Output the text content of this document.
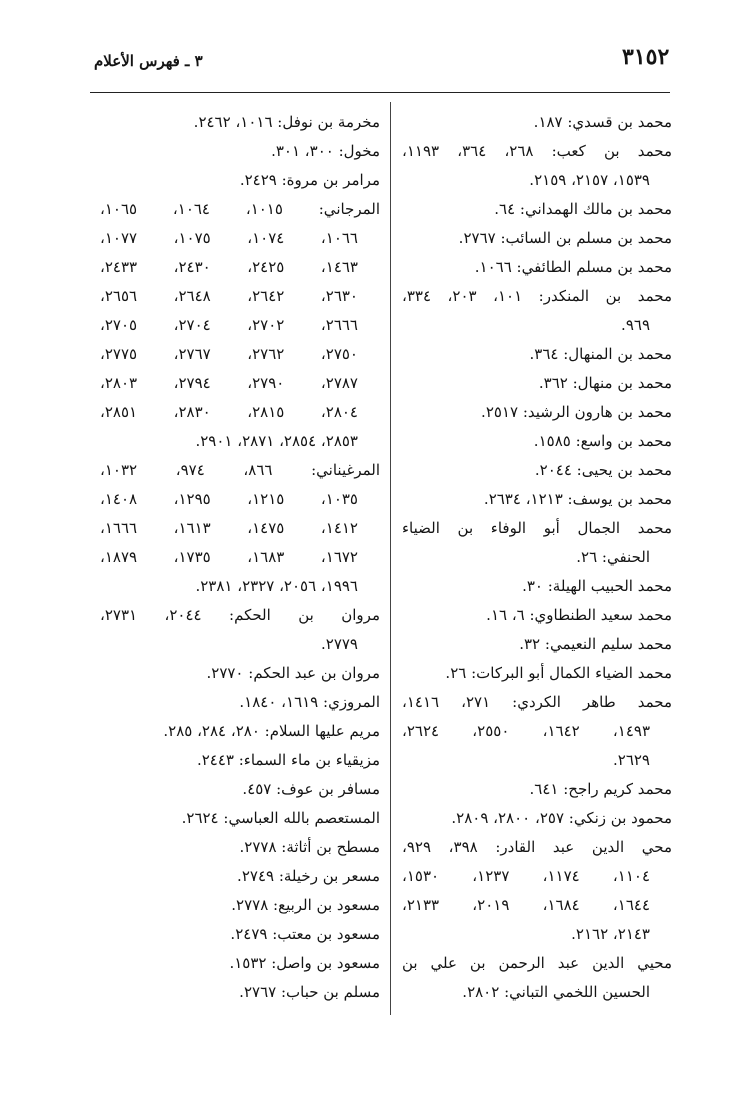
٣١٥٢
٣ ـ فهرس الأعلام
محمد بن قسدي: ١٨٧.
محمد بن كعب: ٢٦٨، ٣٦٤، ١١٩٣،
١٥٣٩، ٢١٥٧، ٢١٥٩.
محمد بن مالك الهمداني: ٦٤.
محمد بن مسلم بن السائب: ٢٧٦٧.
محمد بن مسلم الطائفي: ١٠٦٦.
محمد بن المنكدر: ١٠١، ٢٠٣، ٣٣٤،
٩٦٩.
محمد بن المنهال: ٣٦٤.
محمد بن منهال: ٣٦٢.
محمد بن هارون الرشيد: ٢٥١٧.
محمد بن واسع: ١٥٨٥.
محمد بن يحيى: ٢٠٤٤.
محمد بن يوسف: ١٢١٣، ٢٦٣٤.
محمد الجمال أبو الوفاء بن الضياء
الحنفي: ٢٦.
محمد الحبيب الهيلة: ٣٠.
محمد سعيد الطنطاوي: ٦، ١٦.
محمد سليم النعيمي: ٣٢.
محمد الضياء الكمال أبو البركات: ٢٦.
محمد طاهر الكردي: ٢٧١، ١٤١٦،
١٤٩٣، ١٦٤٢، ٢٥٥٠، ٢٦٢٤،
٢٦٢٩.
محمد كريم راجح: ٦٤١.
محمود بن زنكي: ٢٥٧، ٢٨٠٠، ٢٨٠٩.
محي الدين عبد القادر: ٣٩٨، ٩٢٩،
١١٠٤، ١١٧٤، ١٢٣٧، ١٥٣٠،
١٦٤٤، ١٦٨٤، ٢٠١٩، ٢١٣٣،
٢١٤٣، ٢١٦٢.
محيي الدين عبد الرحمن بن علي بن
الحسين اللخمي التباني: ٢٨٠٢.
مخرمة بن نوفل: ١٠١٦، ٢٤٦٢.
مخول: ٣٠٠، ٣٠١.
مرامر بن مروة: ٢٤٢٩.
المرجاني: ١٠١٥، ١٠٦٤، ١٠٦٥،
١٠٦٦، ١٠٧٤، ١٠٧٥، ١٠٧٧،
١٤٦٣، ٢٤٢٥، ٢٤٣٠، ٢٤٣٣،
٢٦٣٠، ٢٦٤٢، ٢٦٤٨، ٢٦٥٦،
٢٦٦٦، ٢٧٠٢، ٢٧٠٤، ٢٧٠٥،
٢٧٥٠، ٢٧٦٢، ٢٧٦٧، ٢٧٧٥،
٢٧٨٧، ٢٧٩٠، ٢٧٩٤، ٢٨٠٣،
٢٨٠٤، ٢٨١٥، ٢٨٣٠، ٢٨٥١،
٢٨٥٣، ٢٨٥٤، ٢٨٧١، ٢٩٠١.
المرغيناني: ٨٦٦، ٩٧٤، ١٠٣٢،
١٠٣٥، ١٢١٥، ١٢٩٥، ١٤٠٨،
١٤١٢، ١٤٧٥، ١٦١٣، ١٦٦٦،
١٦٧٢، ١٦٨٣، ١٧٣٥، ١٨٧٩،
١٩٩٦، ٢٠٥٦، ٢٣٢٧، ٢٣٨١.
مروان بن الحكم: ٢٠٤٤، ٢٧٣١،
٢٧٧٩.
مروان بن عبد الحكم: ٢٧٧٠.
المروزي: ١٦١٩، ١٨٤٠.
مريم عليها السلام: ٢٨٠، ٢٨٤، ٢٨٥.
مزيقياء بن ماء السماء: ٢٤٤٣.
مسافر بن عوف: ٤٥٧.
المستعصم بالله العباسي: ٢٦٢٤.
مسطح بن أثاثة: ٢٧٧٨.
مسعر بن رخيلة: ٢٧٤٩.
مسعود بن الربيع: ٢٧٧٨.
مسعود بن معتب: ٢٤٧٩.
مسعود بن واصل: ١٥٣٢.
مسلم بن حباب: ٢٧٦٧.
